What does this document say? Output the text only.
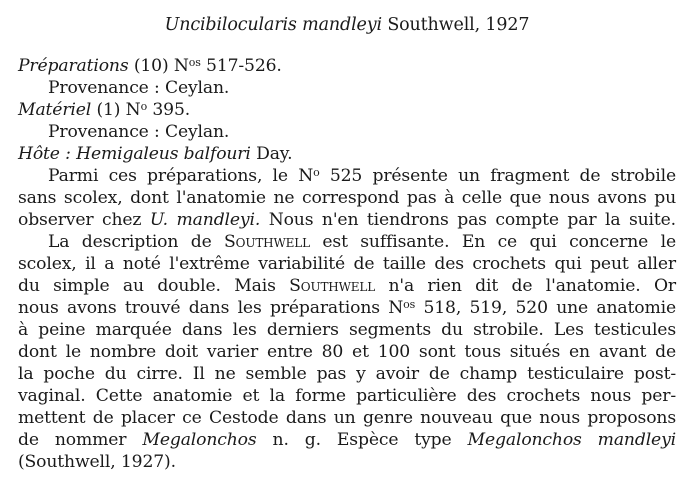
Uncibilocularis mandleyi Southwell, 1927
Préparations (10) $N^{os}$ 517-526.
Provenance : Ceylan.
Matériel (1) $N^o$ 395.
Provenance : Ceylan.
Hôte : Hemigaleus balfouri Day.
Parmi ces préparations, le $N^o$ 525 présente un fragment de strobile
sans scolex, dont l'anatomie ne correspond pas à celle que nous avons pu
observer chez U. mandleyi. Nous n'en tiendrons pas compte par la suite.
La description de Southwell est suffisante. En ce qui concerne le
scolex, il a noté l'extrême variabilité de taille des crochets qui peut aller
du simple au double. Mais Southwell n'a rien dit de l'anatomie. Or
nous avons trouvé dans les préparations $N^{os}$ 518, 519, 520 une anatomie
à peine marquée dans les derniers segments du strobile. Les testicules
dont le nombre doit varier entre 80 et 100 sont tous situés en avant de
la poche du cirre. Il ne semble pas y avoir de champ testiculaire post-
vaginal. Cette anatomie et la forme particulière des crochets nous per-
mettent de placer ce Cestode dans un genre nouveau que nous proposons
de nommer Megalonchos n. g. Espèce type Megalonchos mandleyi
(Southwell, 1927).
